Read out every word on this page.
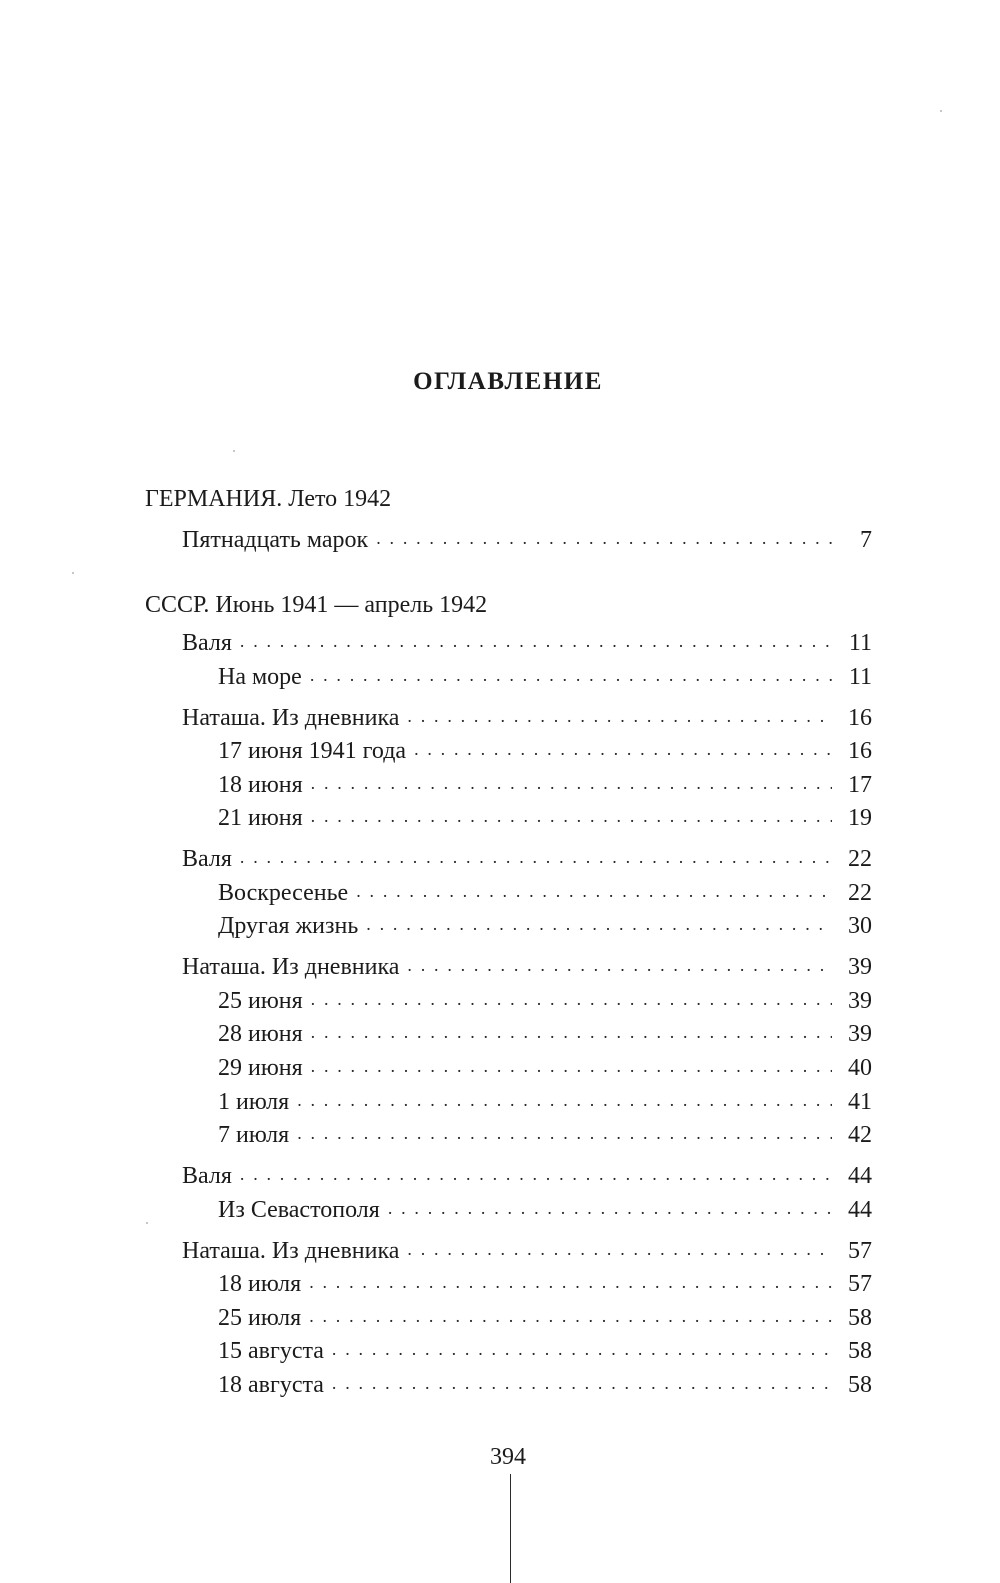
ОГЛАВЛЕНИЕ
ГЕРМАНИЯ. Лето 1942
Пятнадцать марок . . .	7
СССР. Июнь 1941 — апрель 1942
Валя . . .	11
На море . . .	11
Наташа. Из дневника . . .	16
17 июня 1941 года . . .	16
18 июня . . .	17
21 июня . . .	19
Валя . . .	22
Воскресенье . . .	22
Другая жизнь . . .	30
Наташа. Из дневника . . .	39
25 июня . . .	39
28 июня . . .	39
29 июня . . .	40
1 июля . . .	41
7 июля . . .	42
Валя . . .	44
Из Севастополя . . .	44
Наташа. Из дневника . . .	57
18 июля . . .	57
25 июля . . .	58
15 августа . . .	58
18 августа . . .	58
394
